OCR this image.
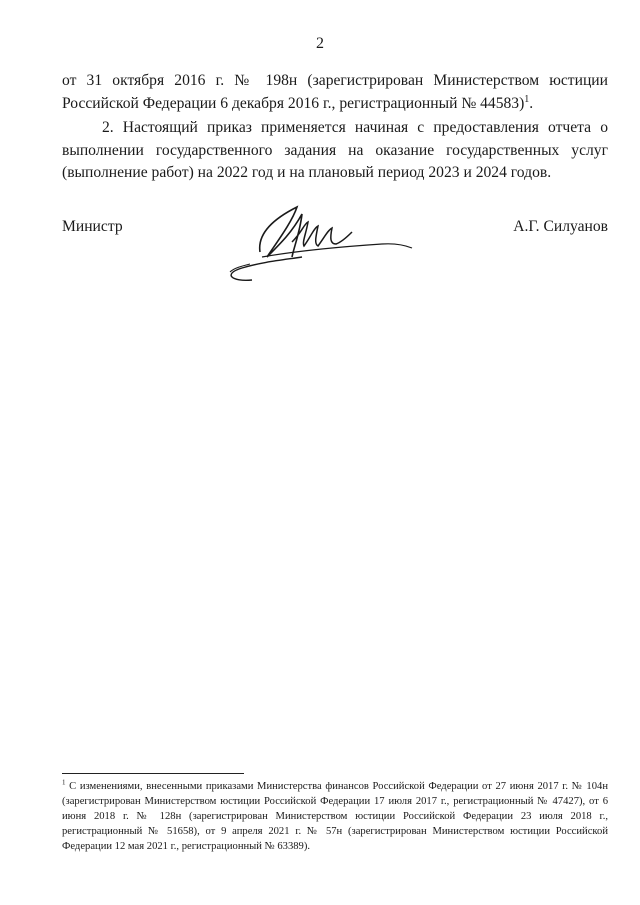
2

от 31 октября 2016 г. № 198н (зарегистрирован Министерством юстиции Российской Федерации 6 декабря 2016 г., регистрационный № 44583)$^1$.

2. Настоящий приказ применяется начиная с предоставления отчета о выполнении государственного задания на оказание государственных услуг (выполнение работ) на 2022 год и на плановый период 2023 и 2024 годов.

Министр	А.Г. Силуанов

$^1$ С изменениями, внесенными приказами Министерства финансов Российской Федерации от 27 июня 2017 г. № 104н (зарегистрирован Министерством юстиции Российской Федерации 17 июля 2017 г., регистрационный № 47427), от 6 июня 2018 г. № 128н (зарегистрирован Министерством юстиции Российской Федерации 23 июля 2018 г., регистрационный № 51658), от 9 апреля 2021 г. № 57н (зарегистрирован Министерством юстиции Российской Федерации 12 мая 2021 г., регистрационный № 63389).
